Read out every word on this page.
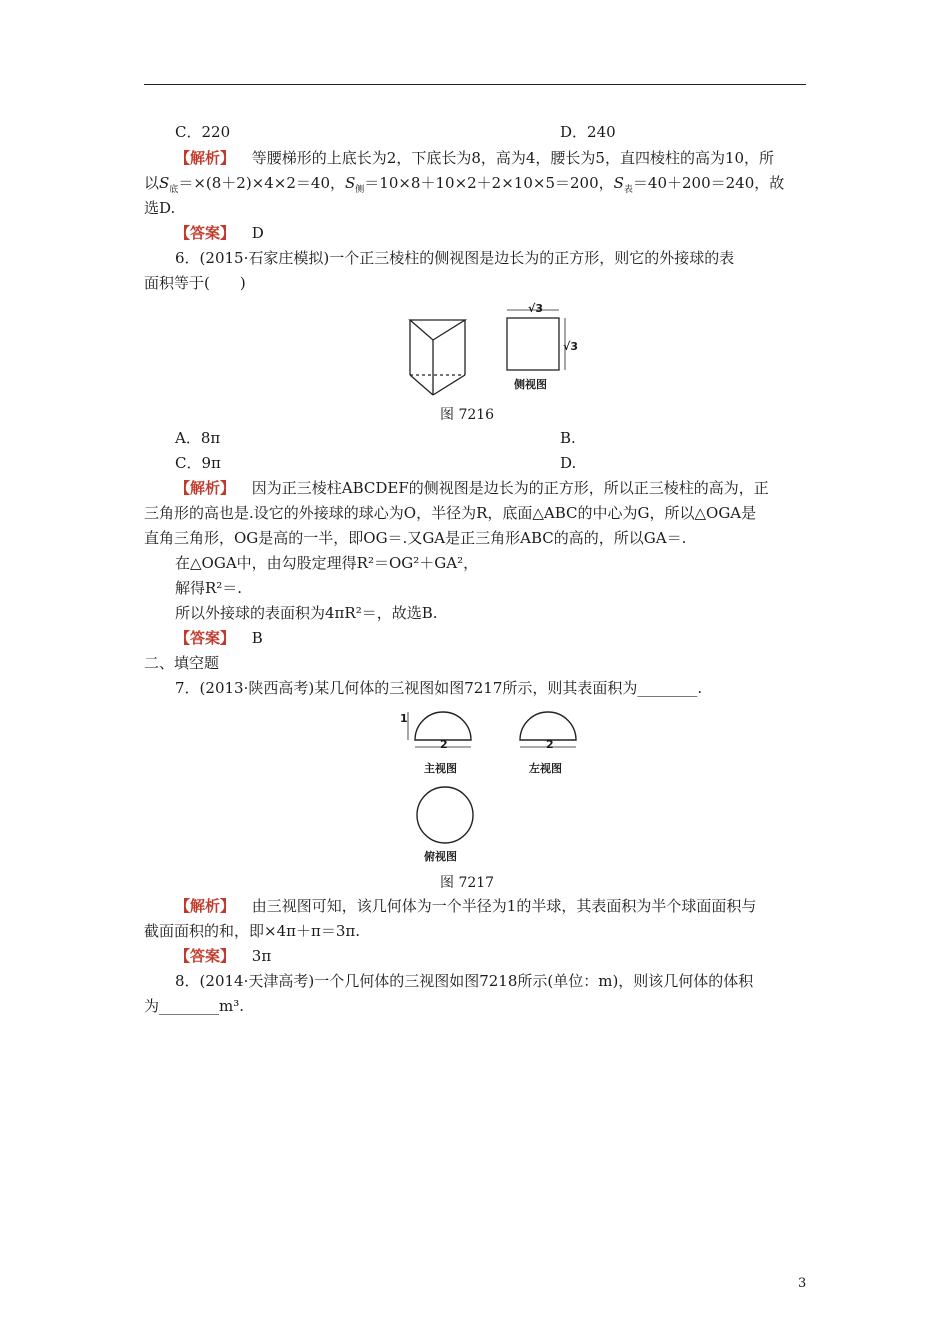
C．220	D．240
【解析】 等腰梯形的上底长为2，下底长为8，高为4，腰长为5，直四棱柱的高为10，所
以$S_底=\times(8+2)\times 4\times 2=40$，$S_侧=10\times 8+10\times 2+2\times 10\times 5=200$，$S_表=40+200=240$，故
选D.
【答案】 D
6．(2015·石家庄模拟)一个正三棱柱的侧视图是边长为的正方形，则它的外接球的表
面积等于(　　)
√3
√3
侧视图
图 7216
A．8π	B.
C．9π	D.
【解析】 因为正三棱柱ABCDEF的侧视图是边长为的正方形，所以正三棱柱的高为，正
三角形的高也是.设它的外接球的球心为O，半径为R，底面△ABC的中心为G，所以△OGA是
直角三角形，OG是高的一半，即OG＝.又GA是正三角形ABC的高的，所以GA＝.
在△OGA中，由勾股定理得R²＝OG²＋GA²，
解得R²＝.
所以外接球的表面积为4πR²＝，故选B.
【答案】 B
二、填空题
7．(2013·陕西高考)某几何体的三视图如图7217所示，则其表面积为________.
1
2	2
主视图	左视图
俯视图
图 7217
【解析】 由三视图可知，该几何体为一个半径为1的半球，其表面积为半个球面面积与
截面面积的和，即×4π＋π＝3π.
【答案】 3π
8．(2014·天津高考)一个几何体的三视图如图7218所示(单位：m)，则该几何体的体积
为________m³.
3
